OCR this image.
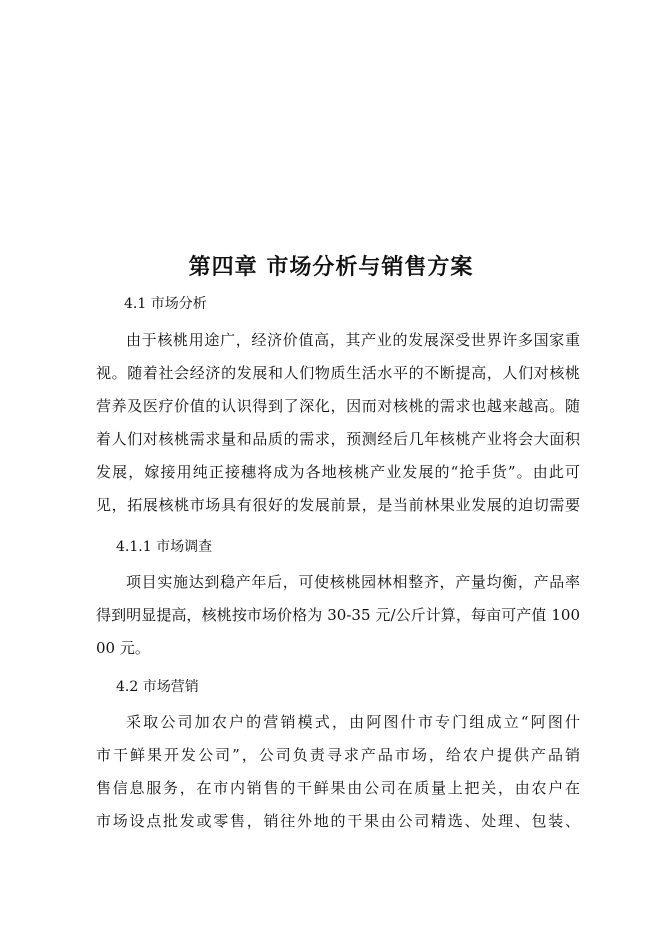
第四章 市场分析与销售方案
4.1 市场分析
由于核桃用途广，经济价值高，其产业的发展深受世界许多国家重
视。随着社会经济的发展和人们物质生活水平的不断提高，人们对核桃
营养及医疗价值的认识得到了深化，因而对核桃的需求也越来越高。随
着人们对核桃需求量和品质的需求，预测经后几年核桃产业将会大面积
发展，嫁接用纯正接穗将成为各地核桃产业发展的“抢手货”。由此可
见，拓展核桃市场具有很好的发展前景，是当前林果业发展的迫切需要
4.1.1 市场调查
项目实施达到稳产年后，可使核桃园林相整齐，产量均衡，产品率
得到明显提高，核桃按市场价格为 30-35 元/公斤计算，每亩可产值 100
00 元。
4.2 市场营销
采取公司加农户的营销模式，由阿图什市专门组成立“阿图什
市干鲜果开发公司”，公司负责寻求产品市场，给农户提供产品销
售信息服务，在市内销售的干鲜果由公司在质量上把关，由农户在
市场设点批发或零售，销往外地的干果由公司精选、处理、包装、
